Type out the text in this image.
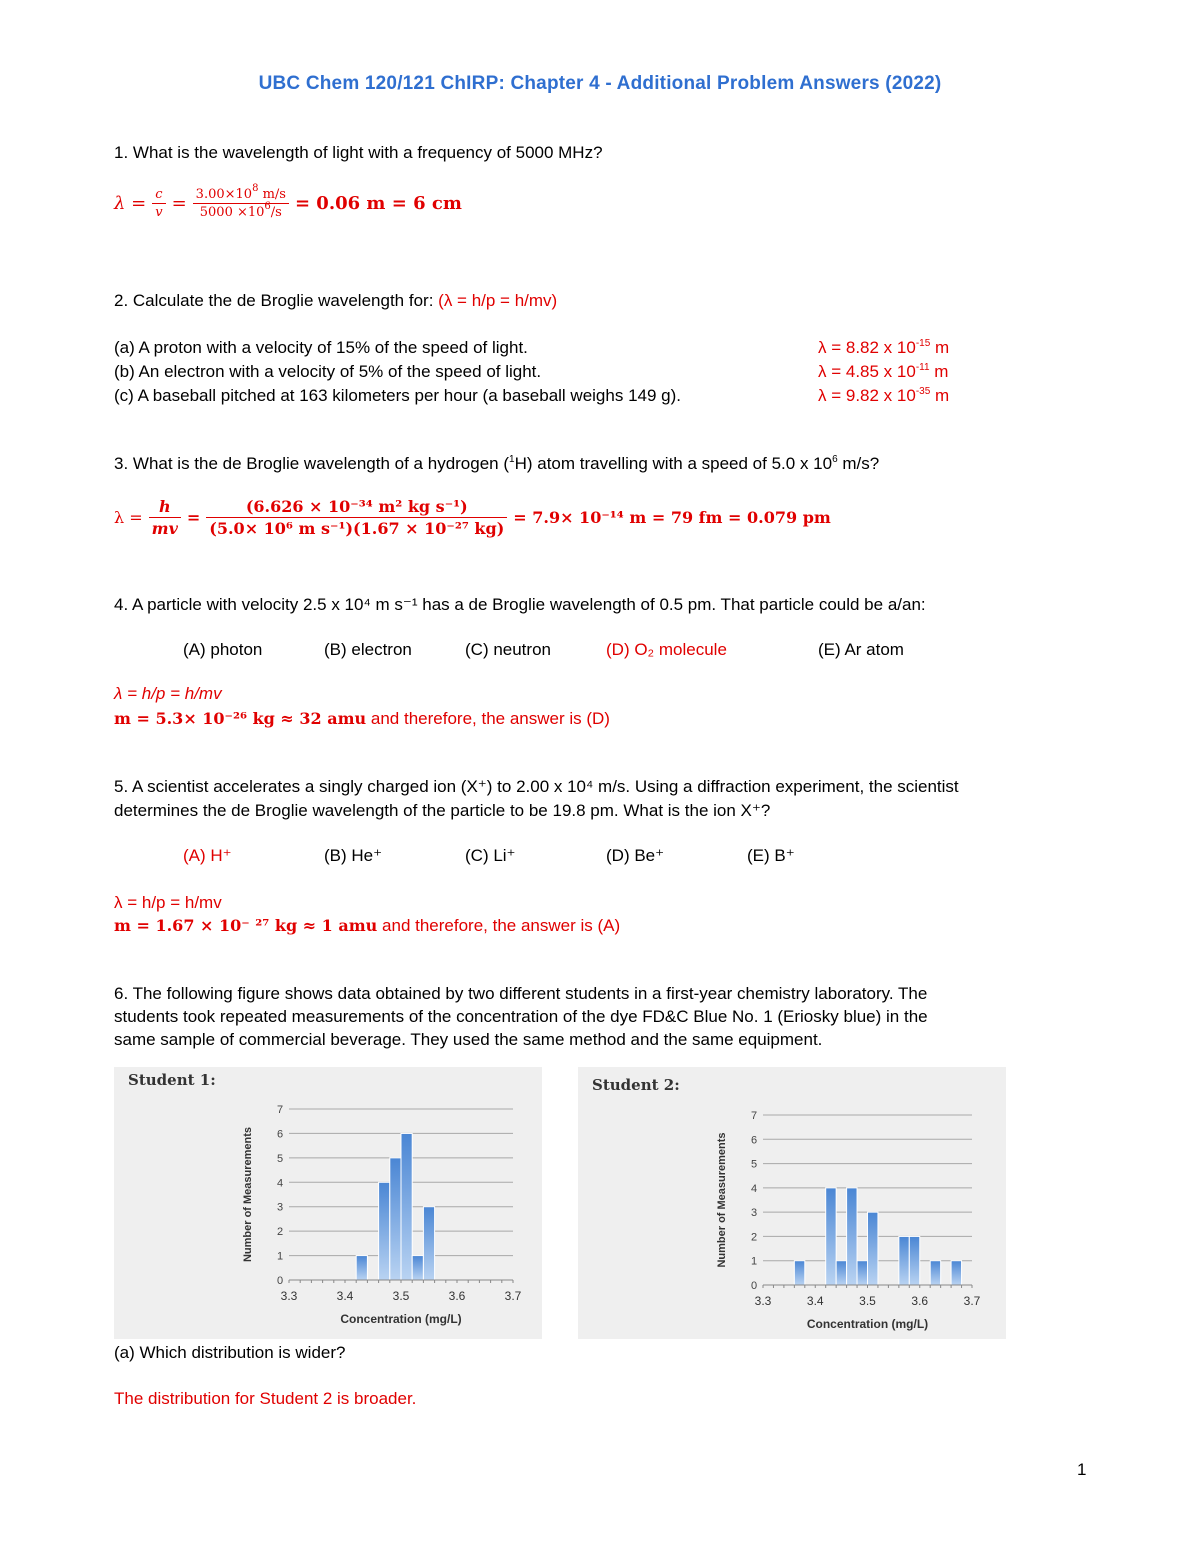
UBC Chem 120/121 ChIRP: Chapter 4 - Additional Problem Answers (2022)
1. What is the wavelength of light with a frequency of 5000 MHz?
$\lambda = \frac{c}{v} = \frac{3.00\times 10^8 m/s}{5000 \times 10^6/s} = 0.06$ m = 6 cm
2. Calculate the de Broglie wavelength for: (λ = h/p = h/mv)
(a) A proton with a velocity of 15% of the speed of light.	λ = 8.82 x $10^{-15}$ m
(b) An electron with a velocity of 5% of the speed of light.	λ = 4.85 x $10^{-11}$ m
(c) A baseball pitched at 163 kilometers per hour (a baseball weighs 149 g).	λ = 9.82 x $10^{-35}$ m
3. What is the de Broglie wavelength of a hydrogen ($^1$H) atom travelling with a speed of 5.0 x $10^6$ m/s?
$\lambda = \frac{h}{mv} = \frac{\text{(6.626 × 10⁻³⁴ m² kg s⁻¹)}}{\text{(5.0× 10⁶ m s⁻¹)(1.67 × 10⁻²⁷ kg)}} = 7.9\times 10^{-14}$ m = 79 fm = 0.079 pm
4. A particle with velocity 2.5 x 10⁴ m s⁻¹ has a de Broglie wavelength of 0.5 pm. That particle could be a/an:
(A) photon	(B) electron	(C) neutron	(D) O₂ molecule	(E) Ar atom
λ = h/p = h/mv
m = 5.3× 10⁻²⁶ kg ≈ 32 amu and therefore, the answer is (D)
5. A scientist accelerates a singly charged ion (X⁺) to 2.00 x 10⁴ m/s. Using a diffraction experiment, the scientist
determines the de Broglie wavelength of the particle to be 19.8 pm. What is the ion X⁺?
(A) H⁺	(B) He⁺	(C) Li⁺	(D) Be⁺	(E) B⁺
λ = h/p = h/mv
m = 1.67 × 10⁻ ²⁷ kg ≈ 1 amu and therefore, the answer is (A)
6. The following figure shows data obtained by two different students in a first-year chemistry laboratory. The
students took repeated measurements of the concentration of the dye FD&C Blue No. 1 (Eriosky blue) in the
same sample of commercial beverage. They used the same method and the same equipment.
Student 1:
0
1
2
3
4
5
6
7
3.3	3.4	3.5	3.6	3.7
Concentration (mg/L)
Number of Measurements
Student 2:
0
1
2
3
4
5
6
7
3.3	3.4	3.5	3.6	3.7
Concentration (mg/L)
Number of Measurements
(a) Which distribution is wider?
The distribution for Student 2 is broader.
1
